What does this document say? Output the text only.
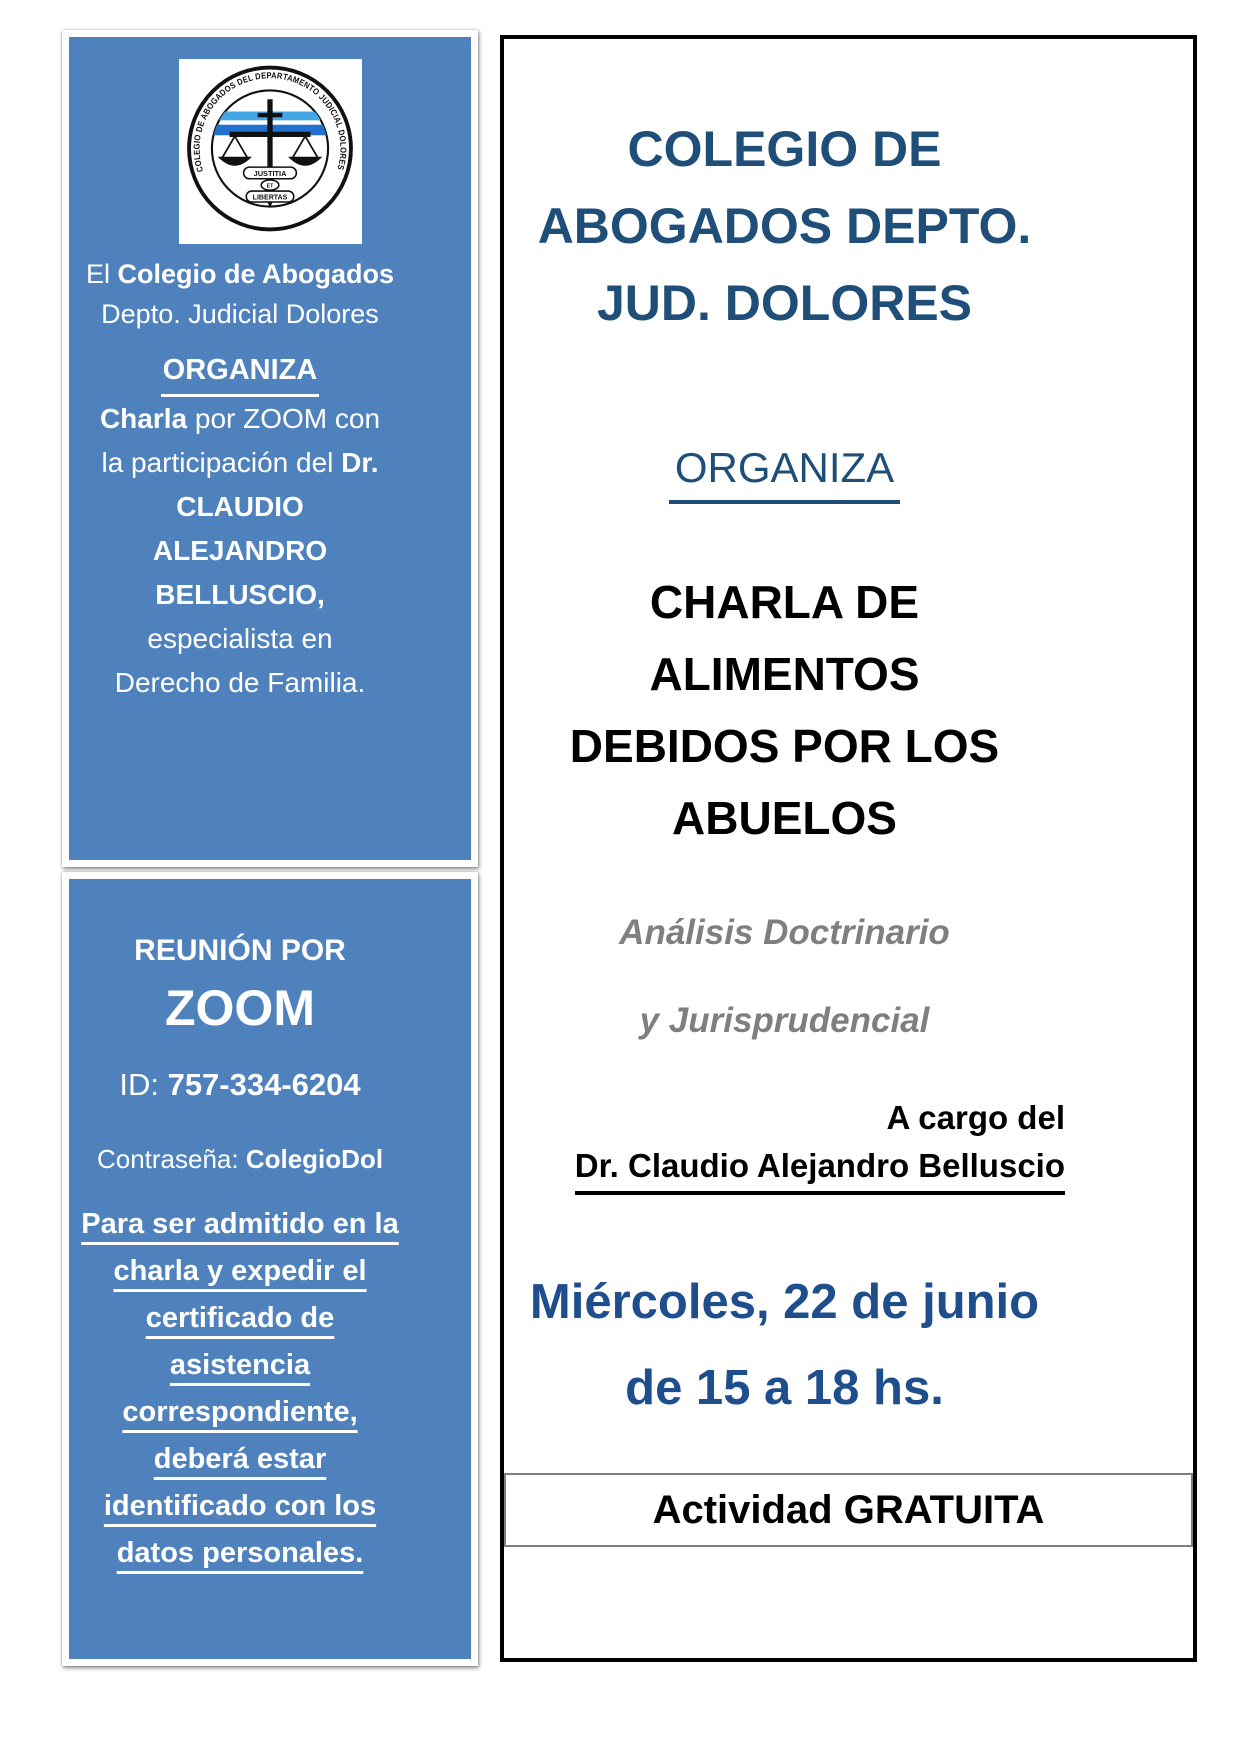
COLEGIO DE ABOGADOS DEL DEPARTAMENTO JUDICIAL DOLORES
JUSTITIA
ET
LIBERTAS
El Colegio de Abogados
Depto. Judicial Dolores
ORGANIZA
Charla por ZOOM con la participación del Dr. CLAUDIO ALEJANDRO BELLUSCIO, especialista en Derecho de Familia.
REUNIÓN POR
ZOOM
ID: 757-334-6204
Contraseña: ColegioDol
Para ser admitido en la charla y expedir el certificado de asistencia correspondiente, deberá estar identificado con los datos personales.
COLEGIO DE
ABOGADOS DEPTO.
JUD. DOLORES
ORGANIZA
CHARLA DE
ALIMENTOS
DEBIDOS POR LOS
ABUELOS
Análisis Doctrinario
y Jurisprudencial
A cargo del
Dr. Claudio Alejandro Belluscio
Miércoles, 22 de junio
de 15 a 18 hs.
Actividad GRATUITA
